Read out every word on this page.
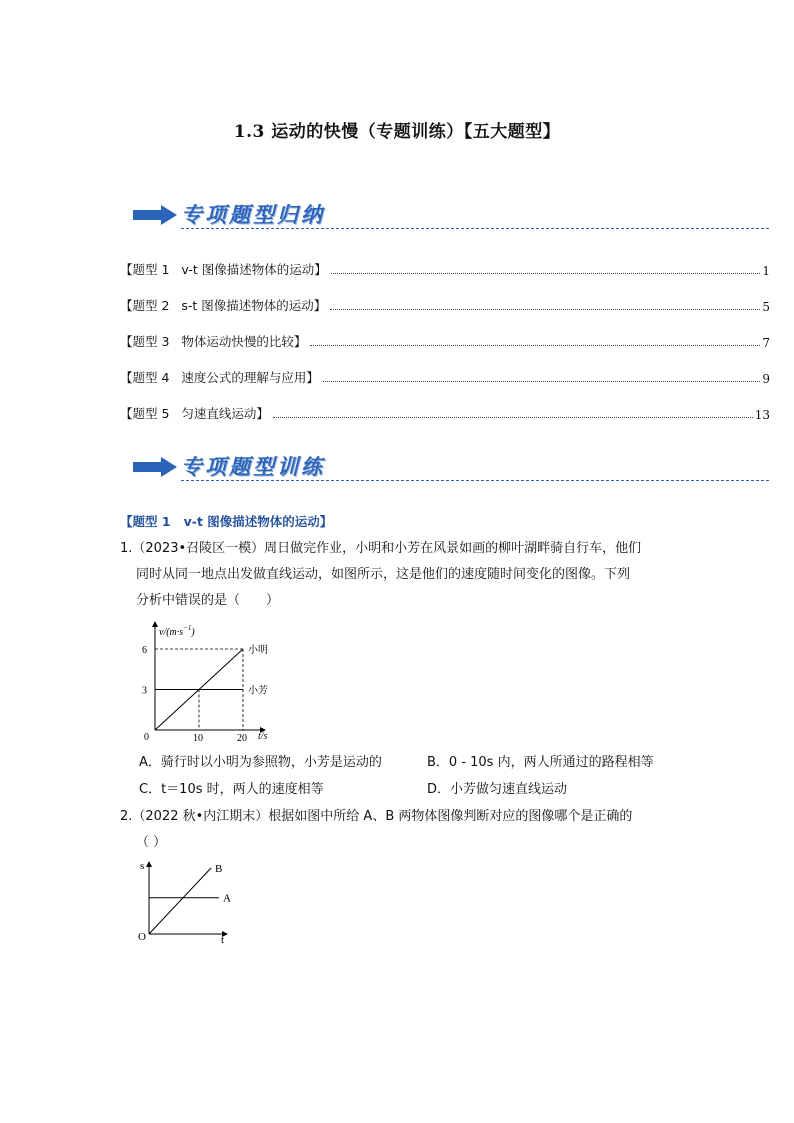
1.3 运动的快慢（专题训练）【五大题型】
专项题型归纳
【题型 1   v-t 图像描述物体的运动】	1
【题型 2   s-t 图像描述物体的运动】	5
【题型 3   物体运动快慢的比较】	7
【题型 4   速度公式的理解与应用】	9
【题型 5   匀速直线运动】	13
专项题型训练
【题型 1   v-t 图像描述物体的运动】
1.（2023•召陵区一模）周日做完作业，小明和小芳在风景如画的柳叶湖畔骑自行车，他们
同时从同一地点出发做直线运动，如图所示，这是他们的速度随时间变化的图像。下列
分析中错误的是（　　）
$v/(m\cdot s^{-1})$
t/s
0
6
3
10	20
小明
小芳
A．骑行时以小明为参照物，小芳是运动的	B．0 - 10s 内，两人所通过的路程相等
C．t＝10s 时，两人的速度相等	D．小芳做匀速直线运动
2.（2022 秋•内江期末）根据如图中所给 A、B 两物体图像判断对应的图像哪个是正确的
（ ）
s
t
O
B
A
